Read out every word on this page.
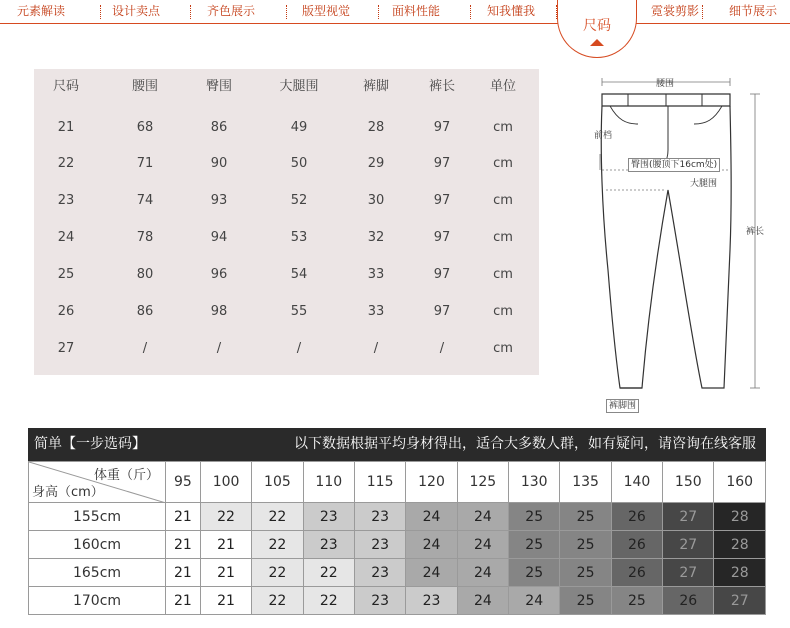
元素解读	设计卖点	齐色展示	版型视觉	面料性能	知我懂我	霓裳剪影	细节展示
尺码
尺码	腰围	臀围	大腿围	裤脚	裤长	单位
21	68	86	49	28	97	cm
22	71	90	50	29	97	cm
23	74	93	52	30	97	cm
24	78	94	53	32	97	cm
25	80	96	54	33	97	cm
26	86	98	55	33	97	cm
27	/	/	/	/	/	cm
腰围
前档
臀围(腰顶下16cm处)
大腿围
裤长
裤脚围
简单【一步选码】	以下数据根据平均身材得出，适合大多数人群，如有疑问，请咨询在线客服
体重（斤）
身高（cm）	95	100	105	110	115	120	125	130	135	140	150	160
155cm	21	22	22	23	23	24	24	25	25	26	27	28
160cm	21	21	22	23	23	24	24	25	25	26	27	28
165cm	21	21	22	22	23	24	24	25	25	26	27	28
170cm	21	21	22	22	23	23	24	24	25	25	26	27
